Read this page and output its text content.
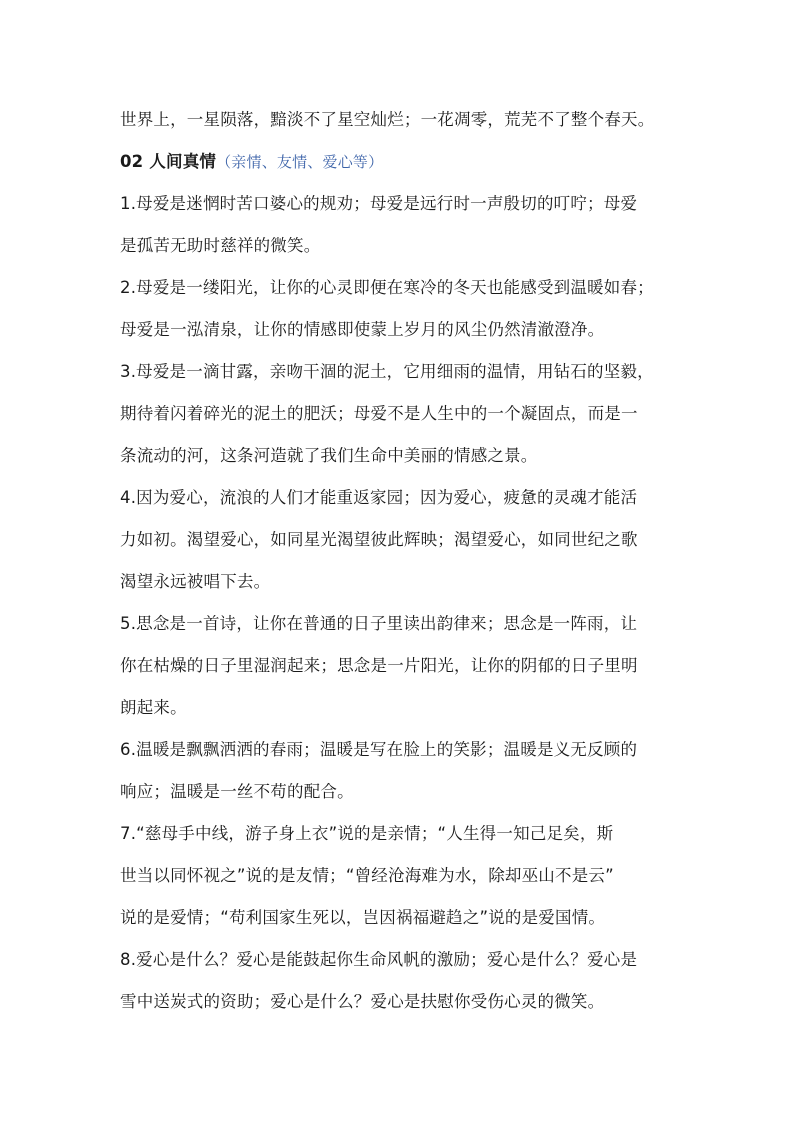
世界上，一星陨落，黯淡不了星空灿烂；一花凋零，荒芜不了整个春天。
02 人间真情（亲情、友情、爱心等）
1.母爱是迷惘时苦口婆心的规劝；母爱是远行时一声殷切的叮咛；母爱
是孤苦无助时慈祥的微笑。
2.母爱是一缕阳光，让你的心灵即便在寒冷的冬天也能感受到温暖如春；
母爱是一泓清泉，让你的情感即使蒙上岁月的风尘仍然清澈澄净。
3.母爱是一滴甘露，亲吻干涸的泥土，它用细雨的温情，用钻石的坚毅，
期待着闪着碎光的泥土的肥沃；母爱不是人生中的一个凝固点，而是一
条流动的河，这条河造就了我们生命中美丽的情感之景。
4.因为爱心，流浪的人们才能重返家园；因为爱心，疲惫的灵魂才能活
力如初。渴望爱心，如同星光渴望彼此辉映；渴望爱心，如同世纪之歌
渴望永远被唱下去。
5.思念是一首诗，让你在普通的日子里读出韵律来；思念是一阵雨，让
你在枯燥的日子里湿润起来；思念是一片阳光，让你的阴郁的日子里明
朗起来。
6.温暖是飘飘洒洒的春雨；温暖是写在脸上的笑影；温暖是义无反顾的
响应；温暖是一丝不苟的配合。
7.“慈母手中线，游子身上衣”说的是亲情；“人生得一知己足矣，斯
世当以同怀视之”说的是友情；“曾经沧海难为水，除却巫山不是云”
说的是爱情；“苟利国家生死以，岂因祸福避趋之”说的是爱国情。
8.爱心是什么？爱心是能鼓起你生命风帆的激励；爱心是什么？爱心是
雪中送炭式的资助；爱心是什么？爱心是扶慰你受伤心灵的微笑。
